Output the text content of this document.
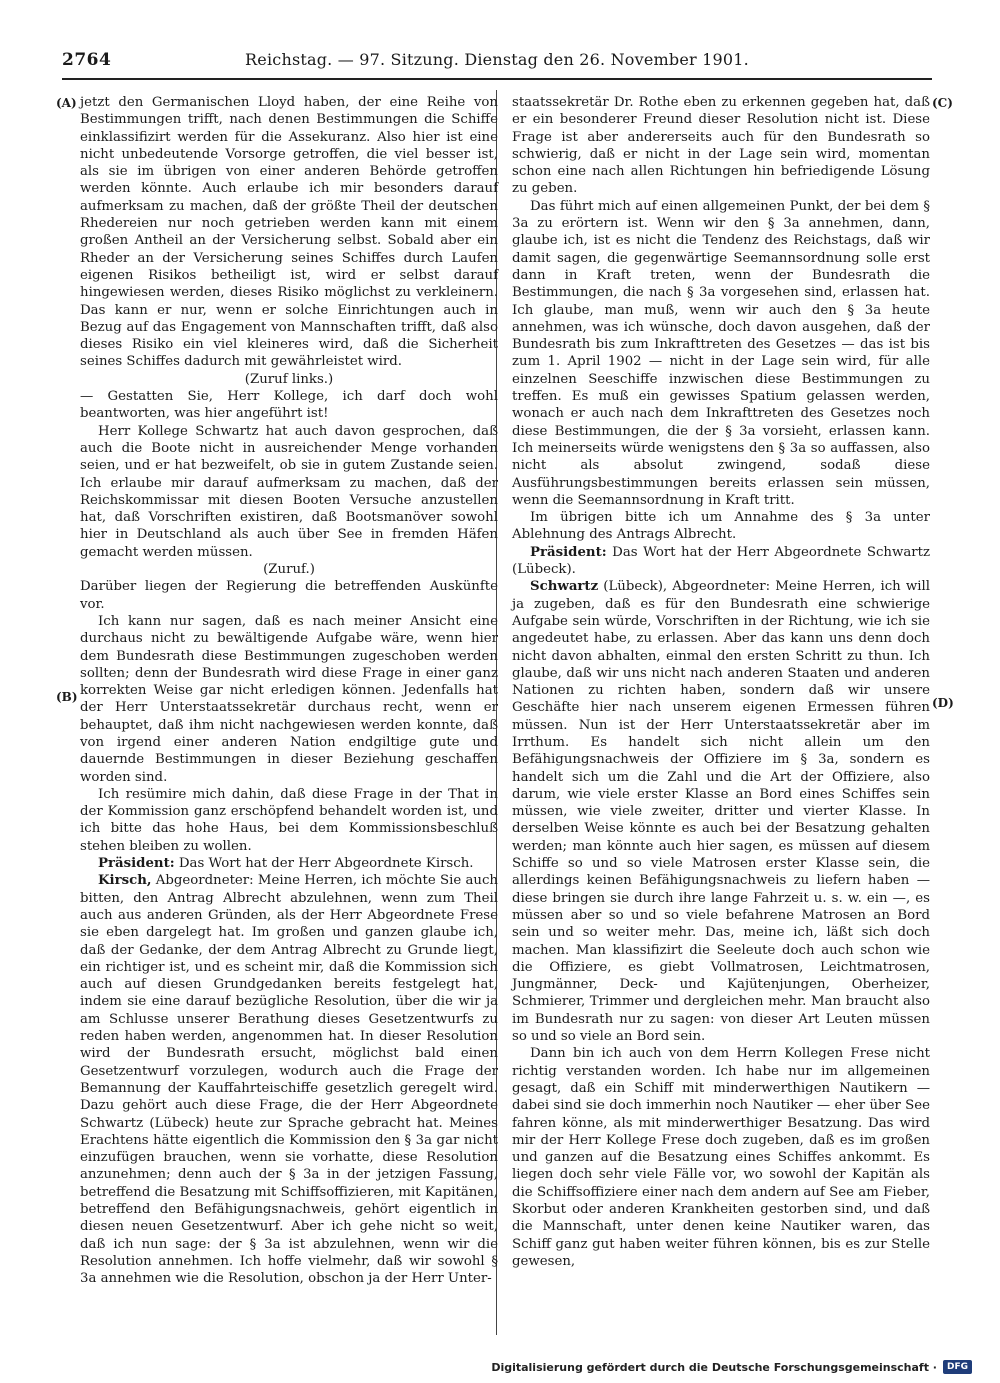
2764	Reichstag. — 97. Sitzung. Dienstag den 26. November 1901.
(A)
(B)
(C)
(D)

jetzt den Germanischen Lloyd haben, der eine Reihe von Bestimmungen trifft, nach denen Bestimmungen die Schiffe einklassifizirt werden für die Assekuranz. Also hier ist eine nicht unbedeutende Vorsorge getroffen, die viel besser ist, als sie im übrigen von einer anderen Behörde getroffen werden könnte. Auch erlaube ich mir besonders darauf aufmerksam zu machen, daß der größte Theil der deutschen Rhedereien nur noch getrieben werden kann mit einem großen Antheil an der Versicherung selbst. Sobald aber ein Rheder an der Versicherung seines Schiffes durch Laufen eigenen Risikos betheiligt ist, wird er selbst darauf hingewiesen werden, dieses Risiko möglichst zu verkleinern. Das kann er nur, wenn er solche Einrichtungen auch in Bezug auf das Engagement von Mannschaften trifft, daß also dieses Risiko ein viel kleineres wird, daß die Sicherheit seines Schiffes dadurch mit gewährleistet wird.

(Zuruf links.)

— Gestatten Sie, Herr Kollege, ich darf doch wohl beantworten, was hier angeführt ist!

Herr Kollege Schwartz hat auch davon gesprochen, daß auch die Boote nicht in ausreichender Menge vorhanden seien, und er hat bezweifelt, ob sie in gutem Zustande seien. Ich erlaube mir darauf aufmerksam zu machen, daß der Reichskommissar mit diesen Booten Versuche anzustellen hat, daß Vorschriften existiren, daß Bootsmanöver sowohl hier in Deutschland als auch über See in fremden Häfen gemacht werden müssen.

(Zuruf.)

Darüber liegen der Regierung die betreffenden Auskünfte vor.

Ich kann nur sagen, daß es nach meiner Ansicht eine durchaus nicht zu bewältigende Aufgabe wäre, wenn hier dem Bundesrath diese Bestimmungen zugeschoben werden sollten; denn der Bundesrath wird diese Frage in einer ganz korrekten Weise gar nicht erledigen können. Jedenfalls hat der Herr Unterstaatssekretär durchaus recht, wenn er behauptet, daß ihm nicht nachgewiesen werden konnte, daß von irgend einer anderen Nation endgiltige gute und dauernde Bestimmungen in dieser Beziehung geschaffen worden sind.

Ich resümire mich dahin, daß diese Frage in der That in der Kommission ganz erschöpfend behandelt worden ist, und ich bitte das hohe Haus, bei dem Kommissionsbeschluß stehen bleiben zu wollen.

Präsident: Das Wort hat der Herr Abgeordnete Kirsch.

Kirsch, Abgeordneter: Meine Herren, ich möchte Sie auch bitten, den Antrag Albrecht abzulehnen, wenn zum Theil auch aus anderen Gründen, als der Herr Abgeordnete Frese sie eben dargelegt hat. Im großen und ganzen glaube ich, daß der Gedanke, der dem Antrag Albrecht zu Grunde liegt, ein richtiger ist, und es scheint mir, daß die Kommission sich auch auf diesen Grundgedanken bereits festgelegt hat, indem sie eine darauf bezügliche Resolution, über die wir ja am Schlusse unserer Berathung dieses Gesetzentwurfs zu reden haben werden, angenommen hat. In dieser Resolution wird der Bundesrath ersucht, möglichst bald einen Gesetzentwurf vorzulegen, wodurch auch die Frage der Bemannung der Kauffahrteischiffe gesetzlich geregelt wird. Dazu gehört auch diese Frage, die der Herr Abgeordnete Schwartz (Lübeck) heute zur Sprache gebracht hat. Meines Erachtens hätte eigentlich die Kommission den § 3a gar nicht einzufügen brauchen, wenn sie vorhatte, diese Resolution anzunehmen; denn auch der § 3a in der jetzigen Fassung, betreffend die Besatzung mit Schiffsoffizieren, mit Kapitänen, betreffend den Befähigungsnachweis, gehört eigentlich in diesen neuen Gesetzentwurf. Aber ich gehe nicht so weit, daß ich nun sage: der § 3a ist abzulehnen, wenn wir die Resolution annehmen. Ich hoffe vielmehr, daß wir sowohl § 3a annehmen wie die Resolution, obschon ja der Herr Unter-

staatssekretär Dr. Rothe eben zu erkennen gegeben hat, daß er ein besonderer Freund dieser Resolution nicht ist. Diese Frage ist aber andererseits auch für den Bundesrath so schwierig, daß er nicht in der Lage sein wird, momentan schon eine nach allen Richtungen hin befriedigende Lösung zu geben.

Das führt mich auf einen allgemeinen Punkt, der bei dem § 3a zu erörtern ist. Wenn wir den § 3a annehmen, dann, glaube ich, ist es nicht die Tendenz des Reichstags, daß wir damit sagen, die gegenwärtige Seemannsordnung solle erst dann in Kraft treten, wenn der Bundesrath die Bestimmungen, die nach § 3a vorgesehen sind, erlassen hat. Ich glaube, man muß, wenn wir auch den § 3a heute annehmen, was ich wünsche, doch davon ausgehen, daß der Bundesrath bis zum Inkrafttreten des Gesetzes — das ist bis zum 1. April 1902 — nicht in der Lage sein wird, für alle einzelnen Seeschiffe inzwischen diese Bestimmungen zu treffen. Es muß ein gewisses Spatium gelassen werden, wonach er auch nach dem Inkrafttreten des Gesetzes noch diese Bestimmungen, die der § 3a vorsieht, erlassen kann. Ich meinerseits würde wenigstens den § 3a so auffassen, also nicht als absolut zwingend, sodaß diese Ausführungsbestimmungen bereits erlassen sein müssen, wenn die Seemannsordnung in Kraft tritt.

Im übrigen bitte ich um Annahme des § 3a unter Ablehnung des Antrags Albrecht.

Präsident: Das Wort hat der Herr Abgeordnete Schwartz (Lübeck).

Schwartz (Lübeck), Abgeordneter: Meine Herren, ich will ja zugeben, daß es für den Bundesrath eine schwierige Aufgabe sein würde, Vorschriften in der Richtung, wie ich sie angedeutet habe, zu erlassen. Aber das kann uns denn doch nicht davon abhalten, einmal den ersten Schritt zu thun. Ich glaube, daß wir uns nicht nach anderen Staaten und anderen Nationen zu richten haben, sondern daß wir unsere Geschäfte hier nach unserem eigenen Ermessen führen müssen. Nun ist der Herr Unterstaatssekretär aber im Irrthum. Es handelt sich nicht allein um den Befähigungsnachweis der Offiziere im § 3a, sondern es handelt sich um die Zahl und die Art der Offiziere, also darum, wie viele erster Klasse an Bord eines Schiffes sein müssen, wie viele zweiter, dritter und vierter Klasse. In derselben Weise könnte es auch bei der Besatzung gehalten werden; man könnte auch hier sagen, es müssen auf diesem Schiffe so und so viele Matrosen erster Klasse sein, die allerdings keinen Befähigungsnachweis zu liefern haben — diese bringen sie durch ihre lange Fahrzeit u. s. w. ein —, es müssen aber so und so viele befahrene Matrosen an Bord sein und so weiter mehr. Das, meine ich, läßt sich doch machen. Man klassifizirt die Seeleute doch auch schon wie die Offiziere, es giebt Vollmatrosen, Leichtmatrosen, Jungmänner, Deck- und Kajütenjungen, Oberheizer, Schmierer, Trimmer und dergleichen mehr. Man braucht also im Bundesrath nur zu sagen: von dieser Art Leuten müssen so und so viele an Bord sein.

Dann bin ich auch von dem Herrn Kollegen Frese nicht richtig verstanden worden. Ich habe nur im allgemeinen gesagt, daß ein Schiff mit minderwerthigen Nautikern — dabei sind sie doch immerhin noch Nautiker — eher über See fahren könne, als mit minderwerthiger Besatzung. Das wird mir der Herr Kollege Frese doch zugeben, daß es im großen und ganzen auf die Besatzung eines Schiffes ankommt. Es liegen doch sehr viele Fälle vor, wo sowohl der Kapitän als die Schiffsoffiziere einer nach dem andern auf See am Fieber, Skorbut oder anderen Krankheiten gestorben sind, und daß die Mannschaft, unter denen keine Nautiker waren, das Schiff ganz gut haben weiter führen können, bis es zur Stelle gewesen,

Digitalisierung gefördert durch die Deutsche Forschungsgemeinschaft ·	DFG
